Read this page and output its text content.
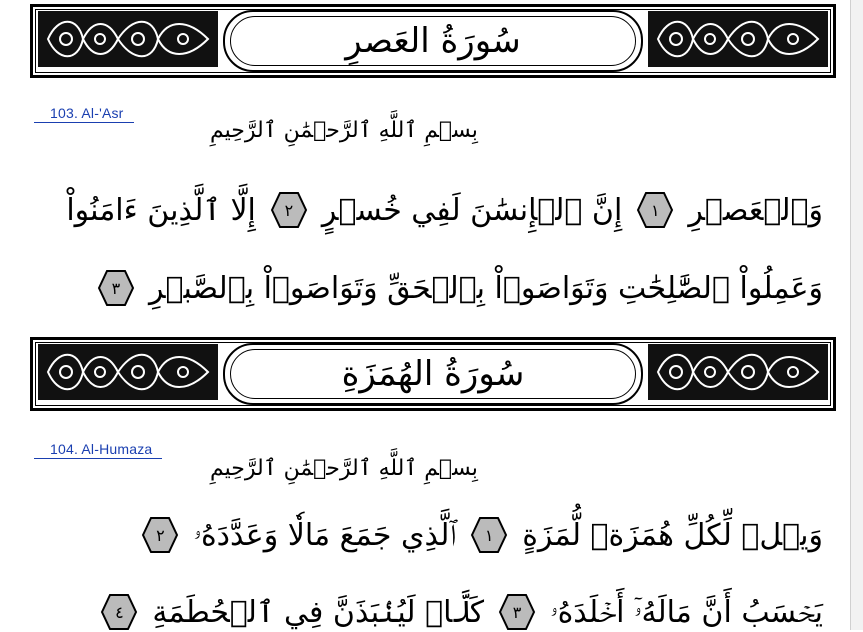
سُورَةُ العَصرِ
103. Al-'Asr
بِسۡمِ ٱللَّهِ ٱلرَّحۡمَٰنِ ٱلرَّحِيمِ
وَٱلۡعَصۡرِ
١
إِنَّ ٱلۡإِنسَٰنَ لَفِي خُسۡرٍ
٢
إِلَّا ٱلَّذِينَ ءَامَنُواْ
وَعَمِلُواْ ٱلصَّٰلِحَٰتِ وَتَوَاصَوۡاْ بِٱلۡحَقِّ وَتَوَاصَوۡاْ بِٱلصَّبۡرِ
٣
سُورَةُ الهُمَزَةِ
104. Al-Humaza
بِسۡمِ ٱللَّهِ ٱلرَّحۡمَٰنِ ٱلرَّحِيمِ
وَيۡلٞ لِّكُلِّ هُمَزَةٖ لُّمَزَةٍ
١
ٱلَّذِي جَمَعَ مَالٗا وَعَدَّدَهُۥ
٢
يَحۡسَبُ أَنَّ مَالَهُۥٓ أَخۡلَدَهُۥ
٣
كَلَّاۖ لَيُنۢبَذَنَّ فِي ٱلۡحُطَمَةِ
٤
